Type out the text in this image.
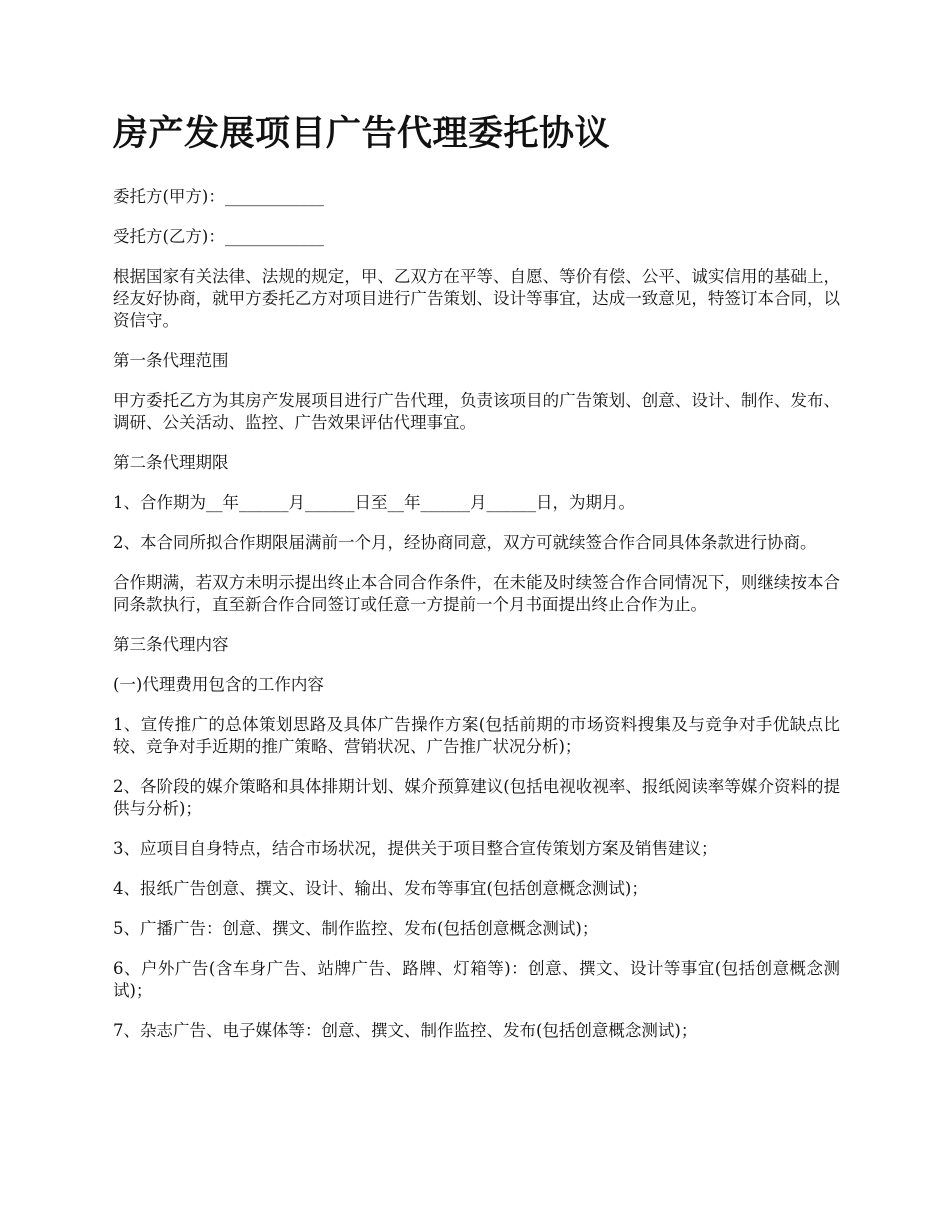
房产发展项目广告代理委托协议

委托方(甲方)：____________

受托方(乙方)：____________

根据国家有关法律、法规的规定，甲、乙双方在平等、自愿、等价有偿、公平、诚实信用的基础上，经友好协商，就甲方委托乙方对项目进行广告策划、设计等事宜，达成一致意见，特签订本合同，以资信守。

第一条代理范围

甲方委托乙方为其房产发展项目进行广告代理，负责该项目的广告策划、创意、设计、制作、发布、调研、公关活动、监控、广告效果评估代理事宜。

第二条代理期限

1、合作期为__年______月______日至__年______月______日，为期月。

2、本合同所拟合作期限届满前一个月，经协商同意，双方可就续签合作合同具体条款进行协商。

合作期满，若双方未明示提出终止本合同合作条件，在未能及时续签合作合同情况下，则继续按本合同条款执行，直至新合作合同签订或任意一方提前一个月书面提出终止合作为止。

第三条代理内容

(一)代理费用包含的工作内容

1、宣传推广的总体策划思路及具体广告操作方案(包括前期的市场资料搜集及与竞争对手优缺点比较、竞争对手近期的推广策略、营销状况、广告推广状况分析)；

2、各阶段的媒介策略和具体排期计划、媒介预算建议(包括电视收视率、报纸阅读率等媒介资料的提供与分析)；

3、应项目自身特点，结合市场状况，提供关于项目整合宣传策划方案及销售建议；

4、报纸广告创意、撰文、设计、输出、发布等事宜(包括创意概念测试)；

5、广播广告：创意、撰文、制作监控、发布(包括创意概念测试)；

6、户外广告(含车身广告、站牌广告、路牌、灯箱等)：创意、撰文、设计等事宜(包括创意概念测试)；

7、杂志广告、电子媒体等：创意、撰文、制作监控、发布(包括创意概念测试)；
